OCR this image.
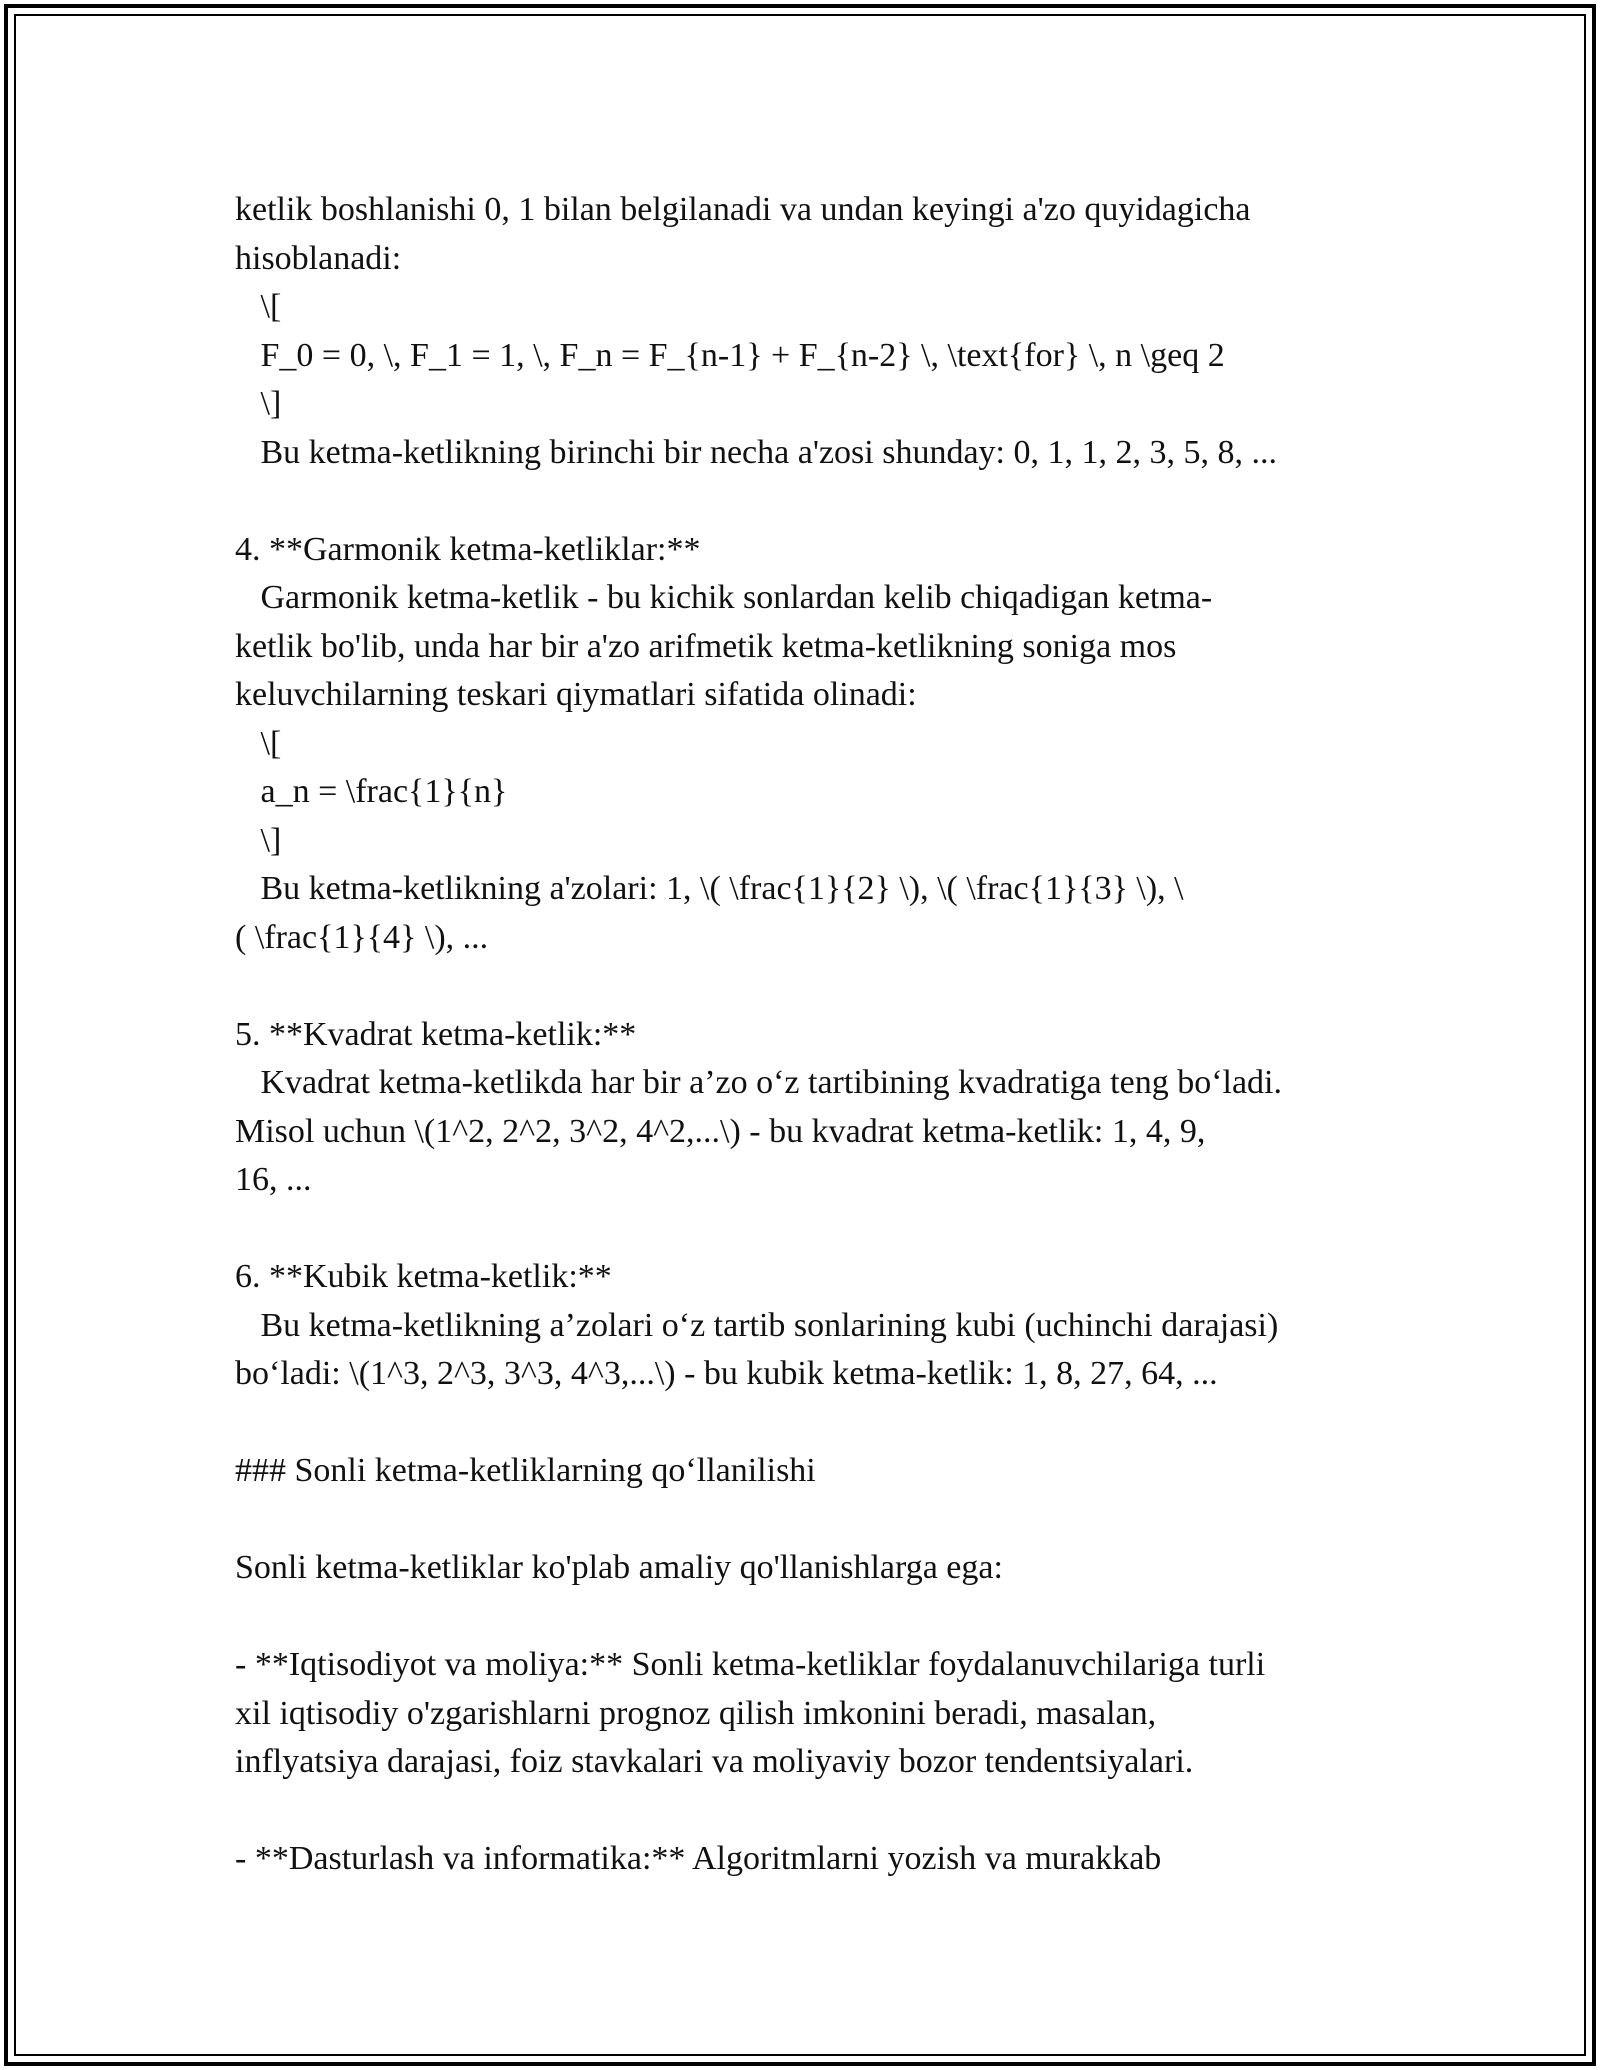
ketlik boshlanishi 0, 1 bilan belgilanadi va undan keyingi a'zo quyidagicha
hisoblanadi:
\[
F_0 = 0, \, F_1 = 1, \, F_n = F_{n-1} + F_{n-2} \, \text{for} \, n \geq 2
\]
Bu ketma-ketlikning birinchi bir necha a'zosi shunday: 0, 1, 1, 2, 3, 5, 8, ...
4. **Garmonik ketma-ketliklar:**
Garmonik ketma-ketlik - bu kichik sonlardan kelib chiqadigan ketma-
ketlik bo'lib, unda har bir a'zo arifmetik ketma-ketlikning soniga mos
keluvchilarning teskari qiymatlari sifatida olinadi:
\[
a_n = \frac{1}{n}
\]
Bu ketma-ketlikning a'zolari: 1, \( \frac{1}{2} \), \( \frac{1}{3} \), \
( \frac{1}{4} \), ...
5. **Kvadrat ketma-ketlik:**
Kvadrat ketma-ketlikda har bir a’zo o‘z tartibining kvadratiga teng bo‘ladi.
Misol uchun \(1^2, 2^2, 3^2, 4^2,...\) - bu kvadrat ketma-ketlik: 1, 4, 9,
16, ...
6. **Kubik ketma-ketlik:**
Bu ketma-ketlikning a’zolari o‘z tartib sonlarining kubi (uchinchi darajasi)
bo‘ladi: \(1^3, 2^3, 3^3, 4^3,...\) - bu kubik ketma-ketlik: 1, 8, 27, 64, ...
### Sonli ketma-ketliklarning qo‘llanilishi
Sonli ketma-ketliklar ko'plab amaliy qo'llanishlarga ega:
- **Iqtisodiyot va moliya:** Sonli ketma-ketliklar foydalanuvchilariga turli
xil iqtisodiy o'zgarishlarni prognoz qilish imkonini beradi, masalan,
inflyatsiya darajasi, foiz stavkalari va moliyaviy bozor tendentsiyalari.
- **Dasturlash va informatika:** Algoritmlarni yozish va murakkab
